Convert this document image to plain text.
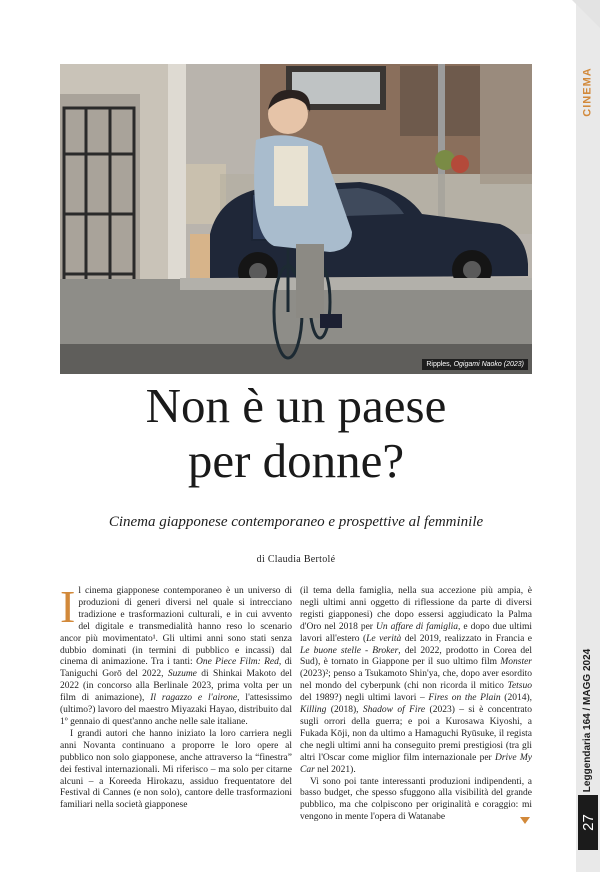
Ripples, Ogigami Naoko (2023)
Non è un paese
per donne?

Cinema giapponese contemporaneo e prospettive al femminile

di Claudia Bertolé

Il cinema giapponese contemporaneo è un universo di produzioni di generi diversi nel quale si intrecciano tradizione e trasformazioni culturali, e in cui avvento del digitale e transmedialità hanno reso lo scenario ancor più movimentato¹. Gli ultimi anni sono stati senza dubbio dominati (in termini di pubblico e incassi) dal cinema di animazione. Tra i tanti: One Piece Film: Red, di Taniguchi Gorō del 2022, Suzume di Shinkai Makoto del 2022 (in concorso alla Berlinale 2023, prima volta per un film di animazione), Il ragazzo e l'airone, l'attesissimo (ultimo?) lavoro del maestro Miyazaki Hayao, distribuito dal 1º gennaio di quest'anno anche nelle sale italiane.

I grandi autori che hanno iniziato la loro carriera negli anni Novanta continuano a proporre le loro opere al pubblico non solo giapponese, anche attraverso la “finestra” dei festival internazionali. Mi riferisco – ma solo per citarne alcuni – a Koreeda Hirokazu, assiduo frequentatore del Festival di Cannes (e non solo), cantore delle trasformazioni familiari nella società giapponese

(il tema della famiglia, nella sua accezione più ampia, è negli ultimi anni oggetto di riflessione da parte di diversi registi giapponesi) che dopo essersi aggiudicato la Palma d'Oro nel 2018 per Un affare di famiglia, e dopo due ultimi lavori all'estero (Le verità del 2019, realizzato in Francia e Le buone stelle - Broker, del 2022, prodotto in Corea del Sud), è tornato in Giappone per il suo ultimo film Monster (2023)²; penso a Tsukamoto Shin'ya, che, dopo aver esordito nel mondo del cyberpunk (chi non ricorda il mitico Tetsuo del 1989?) negli ultimi lavori – Fires on the Plain (2014), Killing (2018), Shadow of Fire (2023) – si è concentrato sugli orrori della guerra; e poi a Kurosawa Kiyoshi, a Fukada Kōji, non da ultimo a Hamaguchi Ryūsuke, il regista che negli ultimi anni ha conseguito premi prestigiosi (tra gli altri l'Oscar come miglior film internazionale per Drive My Car nel 2021).

Vi sono poi tante interessanti produzioni indipendenti, a basso budget, che spesso sfuggono alla visibilità del grande pubblico, ma che colpiscono per originalità e coraggio: mi vengono in mente l'opera di Watanabe

CINEMA
Leggendaria 164 / MAGG 2024
27
